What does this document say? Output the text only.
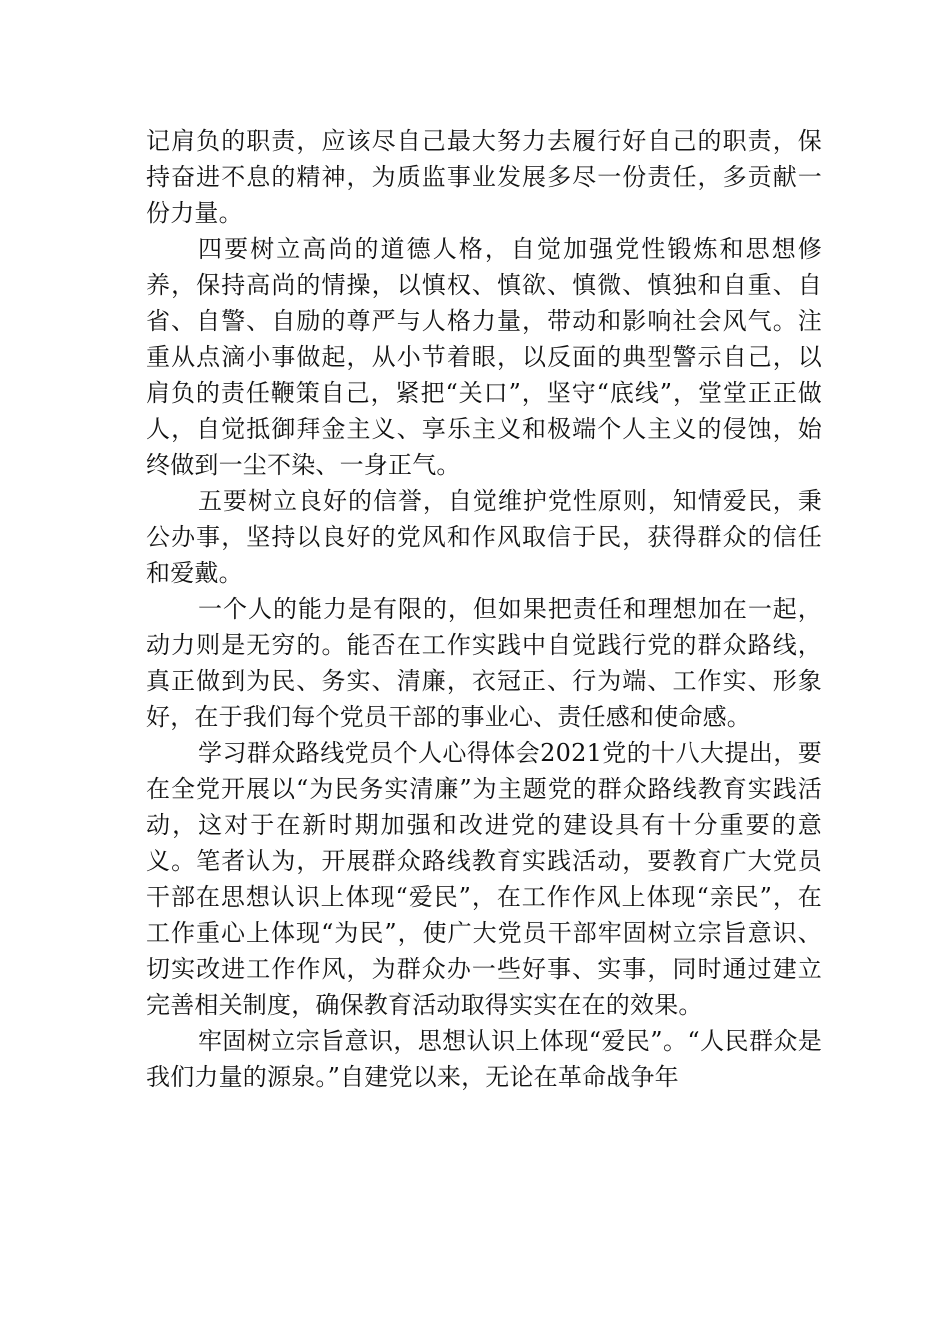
记肩负的职责，应该尽自己最大努力去履行好自己的职责，保持奋进不息的精神，为质监事业发展多尽一份责任，多贡献一份力量。

四要树立高尚的道德人格，自觉加强党性锻炼和思想修养，保持高尚的情操，以慎权、慎欲、慎微、慎独和自重、自省、自警、自励的尊严与人格力量，带动和影响社会风气。注重从点滴小事做起，从小节着眼，以反面的典型警示自己，以肩负的责任鞭策自己，紧把“关口”，坚守“底线”，堂堂正正做人，自觉抵御拜金主义、享乐主义和极端个人主义的侵蚀，始终做到一尘不染、一身正气。

五要树立良好的信誉，自觉维护党性原则，知情爱民，秉公办事，坚持以良好的党风和作风取信于民，获得群众的信任和爱戴。

一个人的能力是有限的，但如果把责任和理想加在一起，动力则是无穷的。能否在工作实践中自觉践行党的群众路线，真正做到为民、务实、清廉，衣冠正、行为端、工作实、形象好，在于我们每个党员干部的事业心、责任感和使命感。

学习群众路线党员个人心得体会2021党的十八大提出，要在全党开展以“为民务实清廉”为主题党的群众路线教育实践活动，这对于在新时期加强和改进党的建设具有十分重要的意义。笔者认为，开展群众路线教育实践活动，要教育广大党员干部在思想认识上体现“爱民”，在工作作风上体现“亲民”，在工作重心上体现“为民”，使广大党员干部牢固树立宗旨意识、切实改进工作作风，为群众办一些好事、实事，同时通过建立完善相关制度，确保教育活动取得实实在在的效果。

牢固树立宗旨意识，思想认识上体现“爱民”。“人民群众是我们力量的源泉。”自建党以来，无论在革命战争年
